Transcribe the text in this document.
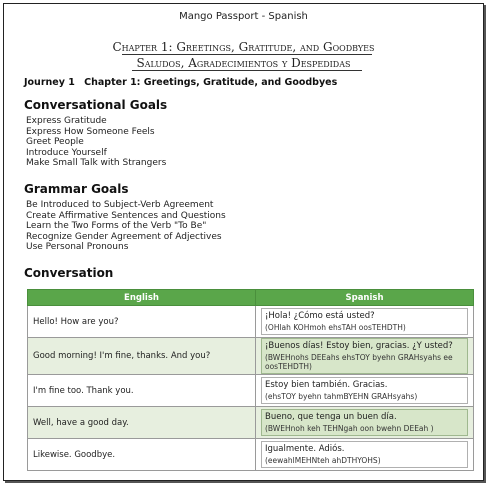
Mango Passport - Spanish
Chapter 1: Greetings, Gratitude, and Goodbyes
Saludos, Agradecimientos y Despedidas
Journey 1 Chapter 1: Greetings, Gratitude, and Goodbyes
Conversational Goals
Express Gratitude
Express How Someone Feels
Greet People
Introduce Yourself
Make Small Talk with Strangers
Grammar Goals
Be Introduced to Subject-Verb Agreement
Create Affirmative Sentences and Questions
Learn the Two Forms of the Verb "To Be"
Recognize Gender Agreement of Adjectives
Use Personal Pronouns
Conversation
English	Spanish
Hello! How are you?	¡Hola! ¿Cómo está usted?
(OHlah KOHmoh ehsTAH oosTEHDTH)

Good morning! I'm fine, thanks. And you?	¡Buenos días! Estoy bien, gracias. ¿Y usted?
(BWEHnohs DEEahs ehsTOY byehn GRAHsyahs ee oosTEHDTH)

I'm fine too. Thank you.	Estoy bien también. Gracias.
(ehsTOY byehn tahmBYEHN GRAHsyahs)

Well, have a good day.	Bueno, que tenga un buen día.
(BWEHnoh keh TEHNgah oon bwehn DEEah )

Likewise. Goodbye.	Igualmente. Adiós.
(eewahlMEHNteh ahDTHYOHS)
